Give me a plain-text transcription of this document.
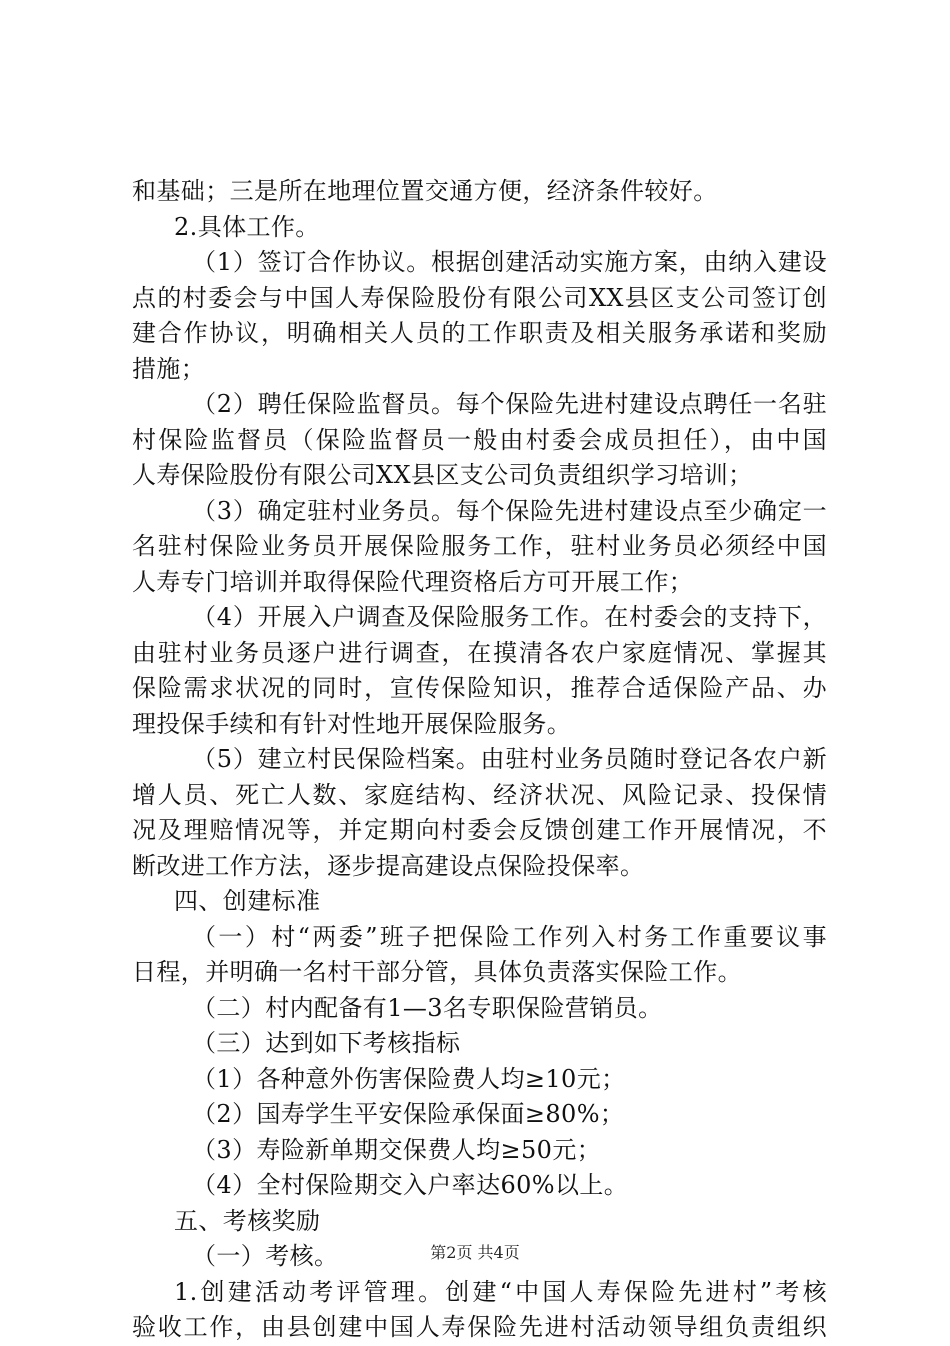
和基础；三是所在地理位置交通方便，经济条件较好。
2.具体工作。
（1）签订合作协议。根据创建活动实施方案，由纳入建设
点的村委会与中国人寿保险股份有限公司XX县区支公司签订创
建合作协议，明确相关人员的工作职责及相关服务承诺和奖励
措施；
（2）聘任保险监督员。每个保险先进村建设点聘任一名驻
村保险监督员（保险监督员一般由村委会成员担任），由中国
人寿保险股份有限公司XX县区支公司负责组织学习培训；
（3）确定驻村业务员。每个保险先进村建设点至少确定一
名驻村保险业务员开展保险服务工作，驻村业务员必须经中国
人寿专门培训并取得保险代理资格后方可开展工作；
（4）开展入户调查及保险服务工作。在村委会的支持下，
由驻村业务员逐户进行调查，在摸清各农户家庭情况、掌握其
保险需求状况的同时，宣传保险知识，推荐合适保险产品、办
理投保手续和有针对性地开展保险服务。
（5）建立村民保险档案。由驻村业务员随时登记各农户新
增人员、死亡人数、家庭结构、经济状况、风险记录、投保情
况及理赔情况等，并定期向村委会反馈创建工作开展情况，不
断改进工作方法，逐步提高建设点保险投保率。
四、创建标准
（一）村“两委”班子把保险工作列入村务工作重要议事
日程，并明确一名村干部分管，具体负责落实保险工作。
（二）村内配备有1—3名专职保险营销员。
（三）达到如下考核指标
（1）各种意外伤害保险费人均≥10元；
（2）国寿学生平安保险承保面≥80%；
（3）寿险新单期交保费人均≥50元；
（4）全村保险期交入户率达60%以上。
五、考核奖励
（一）考核。
1.创建活动考评管理。创建“中国人寿保险先进村”考核
验收工作，由县创建中国人寿保险先进村活动领导组负责组织
第2页 共4页
